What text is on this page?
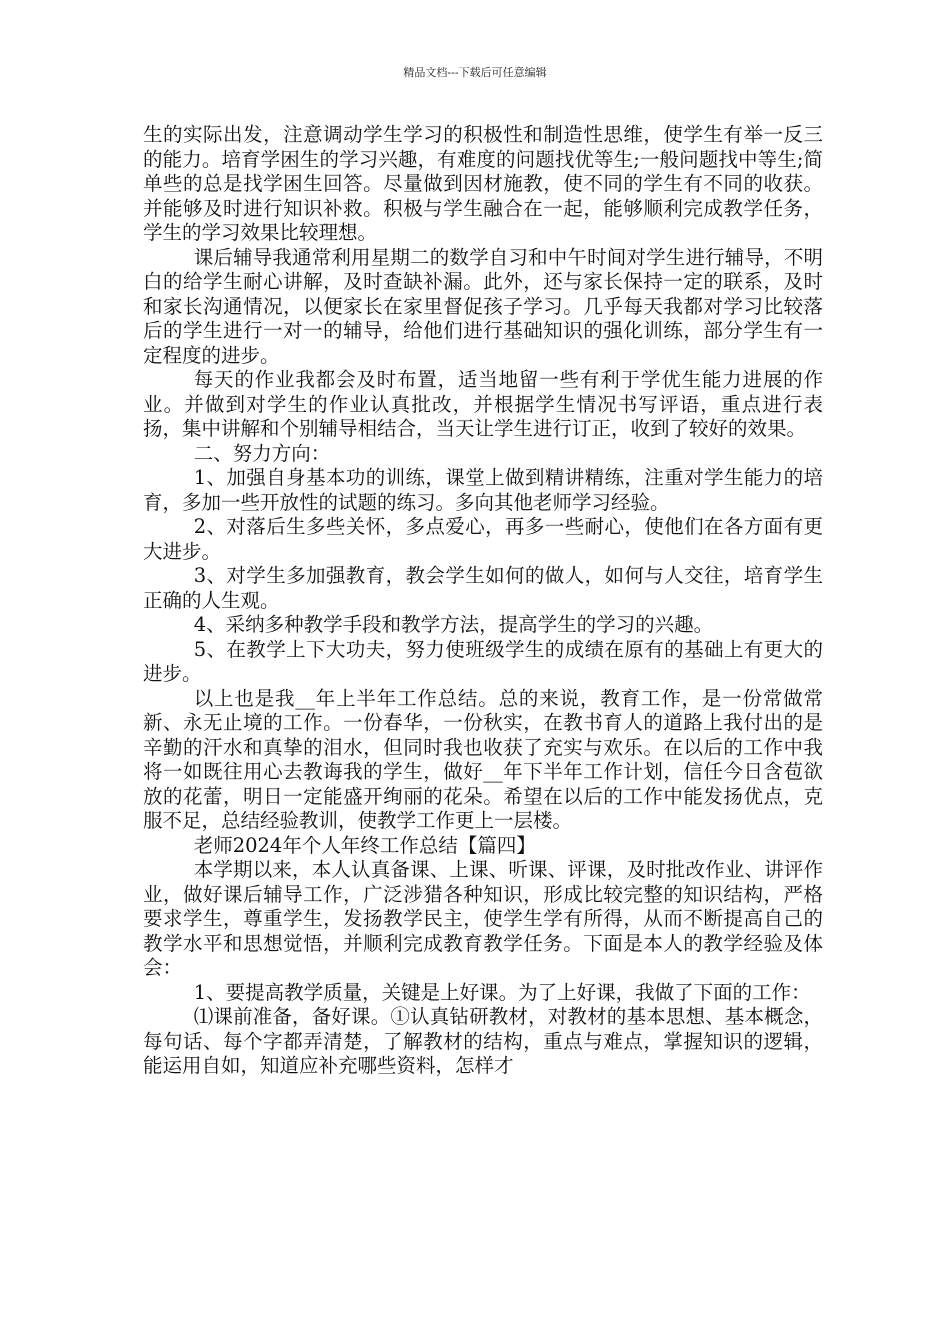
精品文档---下载后可任意编辑

生的实际出发，注意调动学生学习的积极性和制造性思维，使学生有举一反三的能力。培育学困生的学习兴趣，有难度的问题找优等生;一般问题找中等生;简单些的总是找学困生回答。尽量做到因材施教，使不同的学生有不同的收获。并能够及时进行知识补救。积极与学生融合在一起，能够顺利完成教学任务，学生的学习效果比较理想。

课后辅导我通常利用星期二的数学自习和中午时间对学生进行辅导，不明白的给学生耐心讲解，及时查缺补漏。此外，还与家长保持一定的联系，及时和家长沟通情况，以便家长在家里督促孩子学习。几乎每天我都对学习比较落后的学生进行一对一的辅导，给他们进行基础知识的强化训练，部分学生有一定程度的进步。

每天的作业我都会及时布置，适当地留一些有利于学优生能力进展的作业。并做到对学生的作业认真批改，并根据学生情况书写评语，重点进行表扬，集中讲解和个别辅导相结合，当天让学生进行订正，收到了较好的效果。

二、努力方向：

1、加强自身基本功的训练，课堂上做到精讲精练，注重对学生能力的培育，多加一些开放性的试题的练习。多向其他老师学习经验。

2、对落后生多些关怀，多点爱心，再多一些耐心，使他们在各方面有更大进步。

3、对学生多加强教育，教会学生如何的做人，如何与人交往，培育学生正确的人生观。

4、采纳多种教学手段和教学方法，提高学生的学习的兴趣。

5、在教学上下大功夫，努力使班级学生的成绩在原有的基础上有更大的进步。

以上也是我__年上半年工作总结。总的来说，教育工作，是一份常做常新、永无止境的工作。一份春华，一份秋实，在教书育人的道路上我付出的是辛勤的汗水和真挚的泪水，但同时我也收获了充实与欢乐。在以后的工作中我将一如既往用心去教诲我的学生，做好__年下半年工作计划，信任今日含苞欲放的花蕾，明日一定能盛开绚丽的花朵。希望在以后的工作中能发扬优点，克服不足，总结经验教训，使教学工作更上一层楼。

老师2024年个人年终工作总结【篇四】

本学期以来，本人认真备课、上课、听课、评课，及时批改作业、讲评作业，做好课后辅导工作，广泛涉猎各种知识，形成比较完整的知识结构，严格要求学生，尊重学生，发扬教学民主，使学生学有所得，从而不断提高自己的教学水平和思想觉悟，并顺利完成教育教学任务。下面是本人的教学经验及体会：

1、要提高教学质量，关键是上好课。为了上好课，我做了下面的工作：

⑴课前准备，备好课。①认真钻研教材，对教材的基本思想、基本概念，每句话、每个字都弄清楚，了解教材的结构，重点与难点，掌握知识的逻辑，能运用自如，知道应补充哪些资料，怎样才
